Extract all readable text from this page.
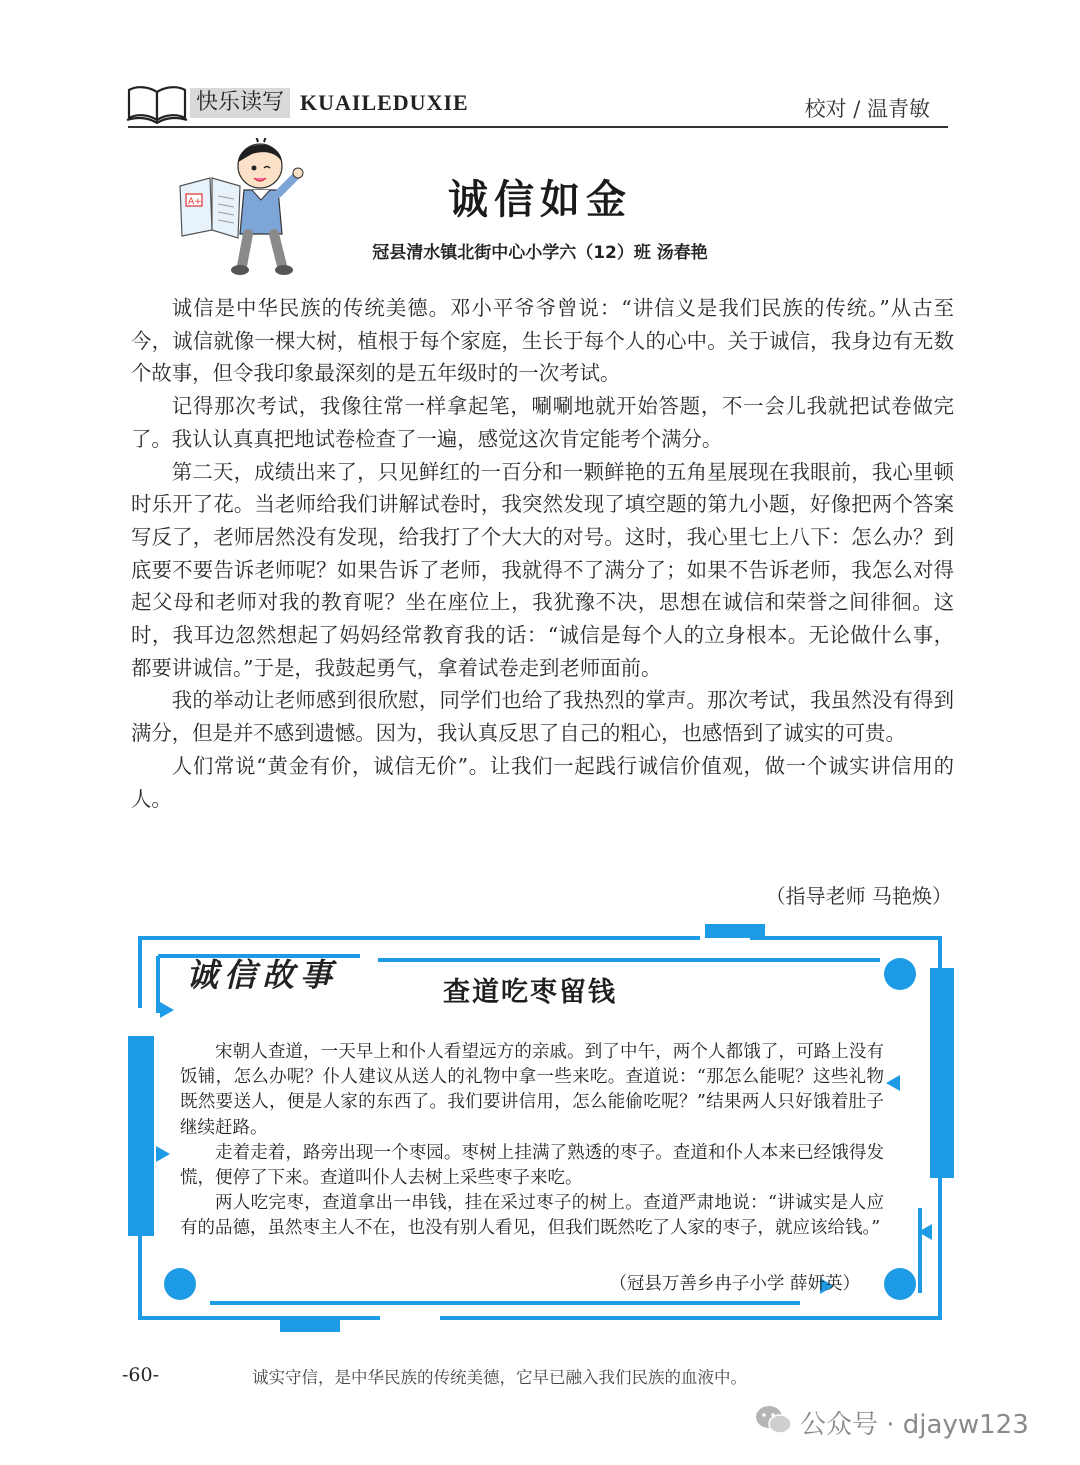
快乐读写 KUAILEDUXIE	校对 / 温青敏
A+	诚信如金
冠县清水镇北街中心小学六（12）班 汤春艳

诚信是中华民族的传统美德。邓小平爷爷曾说：“讲信义是我们民族的传统。”从古至今，诚信就像一棵大树，植根于每个家庭，生长于每个人的心中。关于诚信，我身边有无数个故事，但令我印象最深刻的是五年级时的一次考试。

记得那次考试，我像往常一样拿起笔，唰唰地就开始答题，不一会儿我就把试卷做完了。我认认真真把地试卷检查了一遍，感觉这次肯定能考个满分。

第二天，成绩出来了，只见鲜红的一百分和一颗鲜艳的五角星展现在我眼前，我心里顿时乐开了花。当老师给我们讲解试卷时，我突然发现了填空题的第九小题，好像把两个答案写反了，老师居然没有发现，给我打了个大大的对号。这时，我心里七上八下：怎么办？到底要不要告诉老师呢？如果告诉了老师，我就得不了满分了；如果不告诉老师，我怎么对得起父母和老师对我的教育呢？坐在座位上，我犹豫不决，思想在诚信和荣誉之间徘徊。这时，我耳边忽然想起了妈妈经常教育我的话：“诚信是每个人的立身根本。无论做什么事，都要讲诚信。”于是，我鼓起勇气，拿着试卷走到老师面前。

我的举动让老师感到很欣慰，同学们也给了我热烈的掌声。那次考试，我虽然没有得到满分，但是并不感到遗憾。因为，我认真反思了自己的粗心，也感悟到了诚实的可贵。

人们常说“黄金有价，诚信无价”。让我们一起践行诚信价值观，做一个诚实讲信用的人。

（指导老师 马艳焕）
诚信故事	查道吃枣留钱

宋朝人查道，一天早上和仆人看望远方的亲戚。到了中午，两个人都饿了，可路上没有饭铺，怎么办呢？仆人建议从送人的礼物中拿一些来吃。查道说：“那怎么能呢？这些礼物既然要送人，便是人家的东西了。我们要讲信用，怎么能偷吃呢？”结果两人只好饿着肚子继续赶路。

走着走着，路旁出现一个枣园。枣树上挂满了熟透的枣子。查道和仆人本来已经饿得发慌，便停了下来。查道叫仆人去树上采些枣子来吃。

两人吃完枣，查道拿出一串钱，挂在采过枣子的树上。查道严肃地说：“讲诚实是人应有的品德，虽然枣主人不在，也没有别人看见，但我们既然吃了人家的枣子，就应该给钱。”

（冠县万善乡冉子小学 薛妍英）
-60-	诚实守信，是中华民族的传统美德，它早已融入我们民族的血液中。
公众号 · djayw123
